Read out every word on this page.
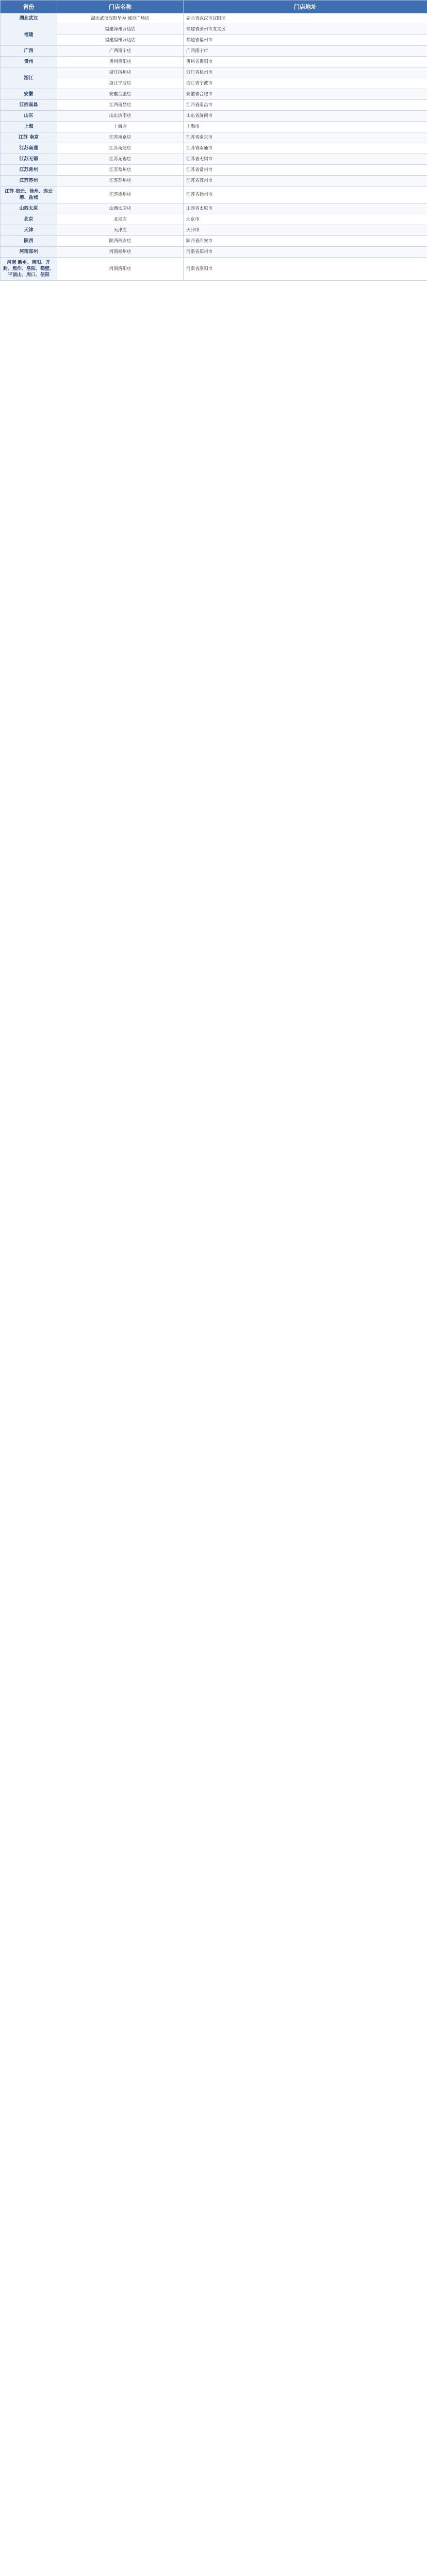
省份	门店名称	门店地址
湖北武汉	湖北武汉汉阳华为 城市广场店	湖北省武汉市汉阳区
福建	福建漳州万达店	福建省漳州市龙文区
	福建福州万达店	福建省福州市
广西	广西南宁店	广西南宁市
贵州	贵州贵阳店	贵州省贵阳市
浙江	浙江杭州店	浙江省杭州市
	浙江宁波店	浙江省宁波市
安徽	安徽合肥店	安徽省合肥市
江西南昌	江西南昌店	江西省南昌市
山东	山东济南店	山东省济南市
上海	上海店	上海市
江苏 南京	江苏南京店	江苏省南京市
江苏南通	江苏南通店	江苏省南通市
江苏无锡	江苏无锡店	江苏省无锡市
江苏常州	江苏常州店	江苏省常州市
江苏苏州	江苏苏州店	江苏省苏州市
江苏 宿迁、徐州、连云港、盐城	江苏徐州店	江苏省徐州市
山西太原	山西太原店	山西省太原市
北京	北京店	北京市
天津	天津店	天津市
陕西	陕西西安店	陕西省西安市
河南郑州	河南郑州店	河南省郑州市
河南 新乡、南阳、开封、焦作、洛阳、鹤壁、平顶山、周口、信阳	河南洛阳店	河南省洛阳市
